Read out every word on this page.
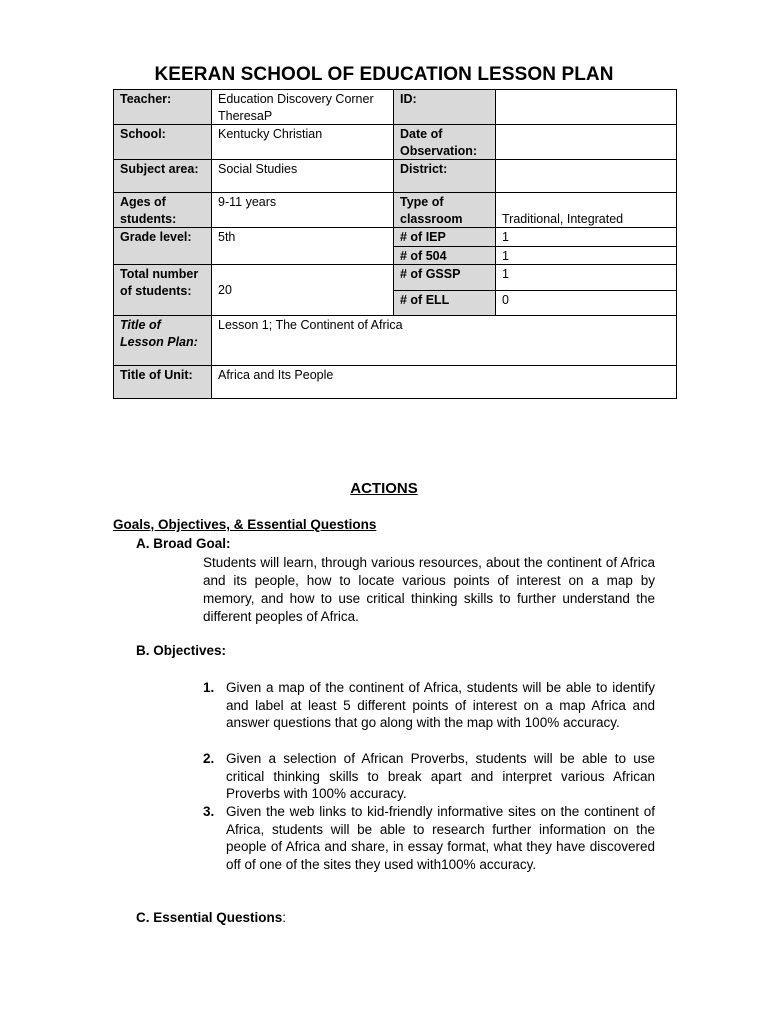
KEERAN SCHOOL OF EDUCATION LESSON PLAN
Teacher:	Education Discovery Corner TheresaP	ID:	
School:	Kentucky Christian	Date of Observation:	
Subject area:	Social Studies	District:	
Ages of students:	9-11 years	Type of classroom	Traditional, Integrated
Grade level:	5th	# of IEP	1
		# of 504	1
Total number of students:	20	# of GSSP	1
		# of ELL	0
Title of Lesson Plan:	Lesson 1; The Continent of Africa		
Title of Unit:	Africa and Its People		
ACTIONS
Goals, Objectives, & Essential Questions
A. Broad Goal:
Students will learn, through various resources, about the continent of Africa and its people, how to locate various points of interest on a map by memory, and how to use critical thinking skills to further understand the different peoples of Africa.
B. Objectives:
1. Given a map of the continent of Africa, students will be able to identify and label at least 5 different points of interest on a map Africa and answer questions that go along with the map with 100% accuracy.
2. Given a selection of African Proverbs, students will be able to use critical thinking skills to break apart and interpret various African Proverbs with 100% accuracy.
3. Given the web links to kid-friendly informative sites on the continent of Africa, students will be able to research further information on the people of Africa and share, in essay format, what they have discovered off of one of the sites they used with100% accuracy.
C. Essential Questions:
